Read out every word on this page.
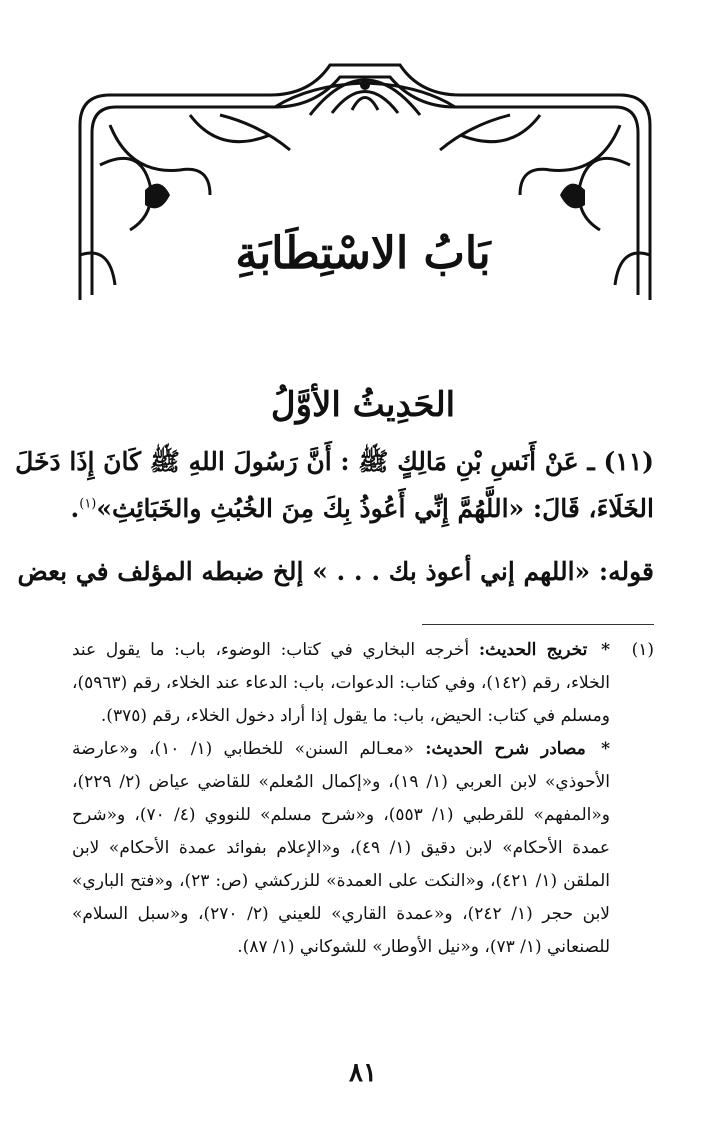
بَابُ الاسْتِطَابَةِ
الحَدِيثُ الأوَّلُ
(١١) ـ عَنْ أَنَسِ بْنِ مَالِكٍ ﷺ : أَنَّ رَسُولَ اللهِ ﷺ كَانَ إِذَا دَخَلَ
الخَلَاءَ، قَالَ: «اللَّهُمَّ إِنِّي أَعُوذُ بِكَ مِنَ الخُبُثِ والخَبَائِثِ»$^{(١)}$.
قوله: «اللهم إني أعوذ بك . . . » إلخ ضبطه المؤلف في بعض
(١)
* تخريج الحديث: أخرجه البخاري في كتاب: الوضوء، باب: ما يقول عند الخلاء، رقم (١٤٢)، وفي كتاب: الدعوات، باب: الدعاء عند الخلاء، رقم (٥٩٦٣)، ومسلم في كتاب: الحيض، باب: ما يقول إذا أراد دخول الخلاء، رقم (٣٧٥).
* مصادر شرح الحديث: «معـالم السنن» للخطابي (١/ ١٠)، و«عارضة الأحوذي» لابن العربي (١/ ١٩)، و«إكمال المُعلم» للقاضي عياض (٢/ ٢٢٩)، و«المفهم» للقرطبي (١/ ٥٥٣)، و«شرح مسلم» للنووي (٤/ ٧٠)، و«شرح عمدة الأحكام» لابن دقيق (١/ ٤٩)، و«الإعلام بفوائد عمدة الأحكام» لابن الملقن (١/ ٤٢١)، و«النكت على العمدة» للزركشي (ص: ٢٣)، و«فتح الباري» لابن حجر (١/ ٢٤٢)، و«عمدة القاري» للعيني (٢/ ٢٧٠)، و«سبل السلام» للصنعاني (١/ ٧٣)، و«نيل الأوطار» للشوكاني (١/ ٨٧).
٨١
